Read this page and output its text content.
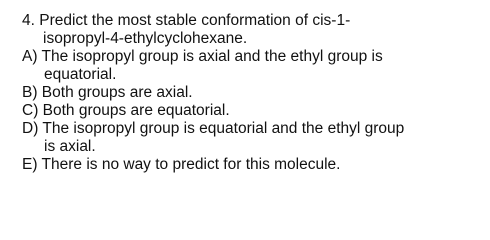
4. Predict the most stable conformation of cis-1-

isopropyl-4-ethylcyclohexane.

A) The isopropyl group is axial and the ethyl group is

equatorial.

B) Both groups are axial.

C) Both groups are equatorial.

D) The isopropyl group is equatorial and the ethyl group

is axial.

E) There is no way to predict for this molecule.
